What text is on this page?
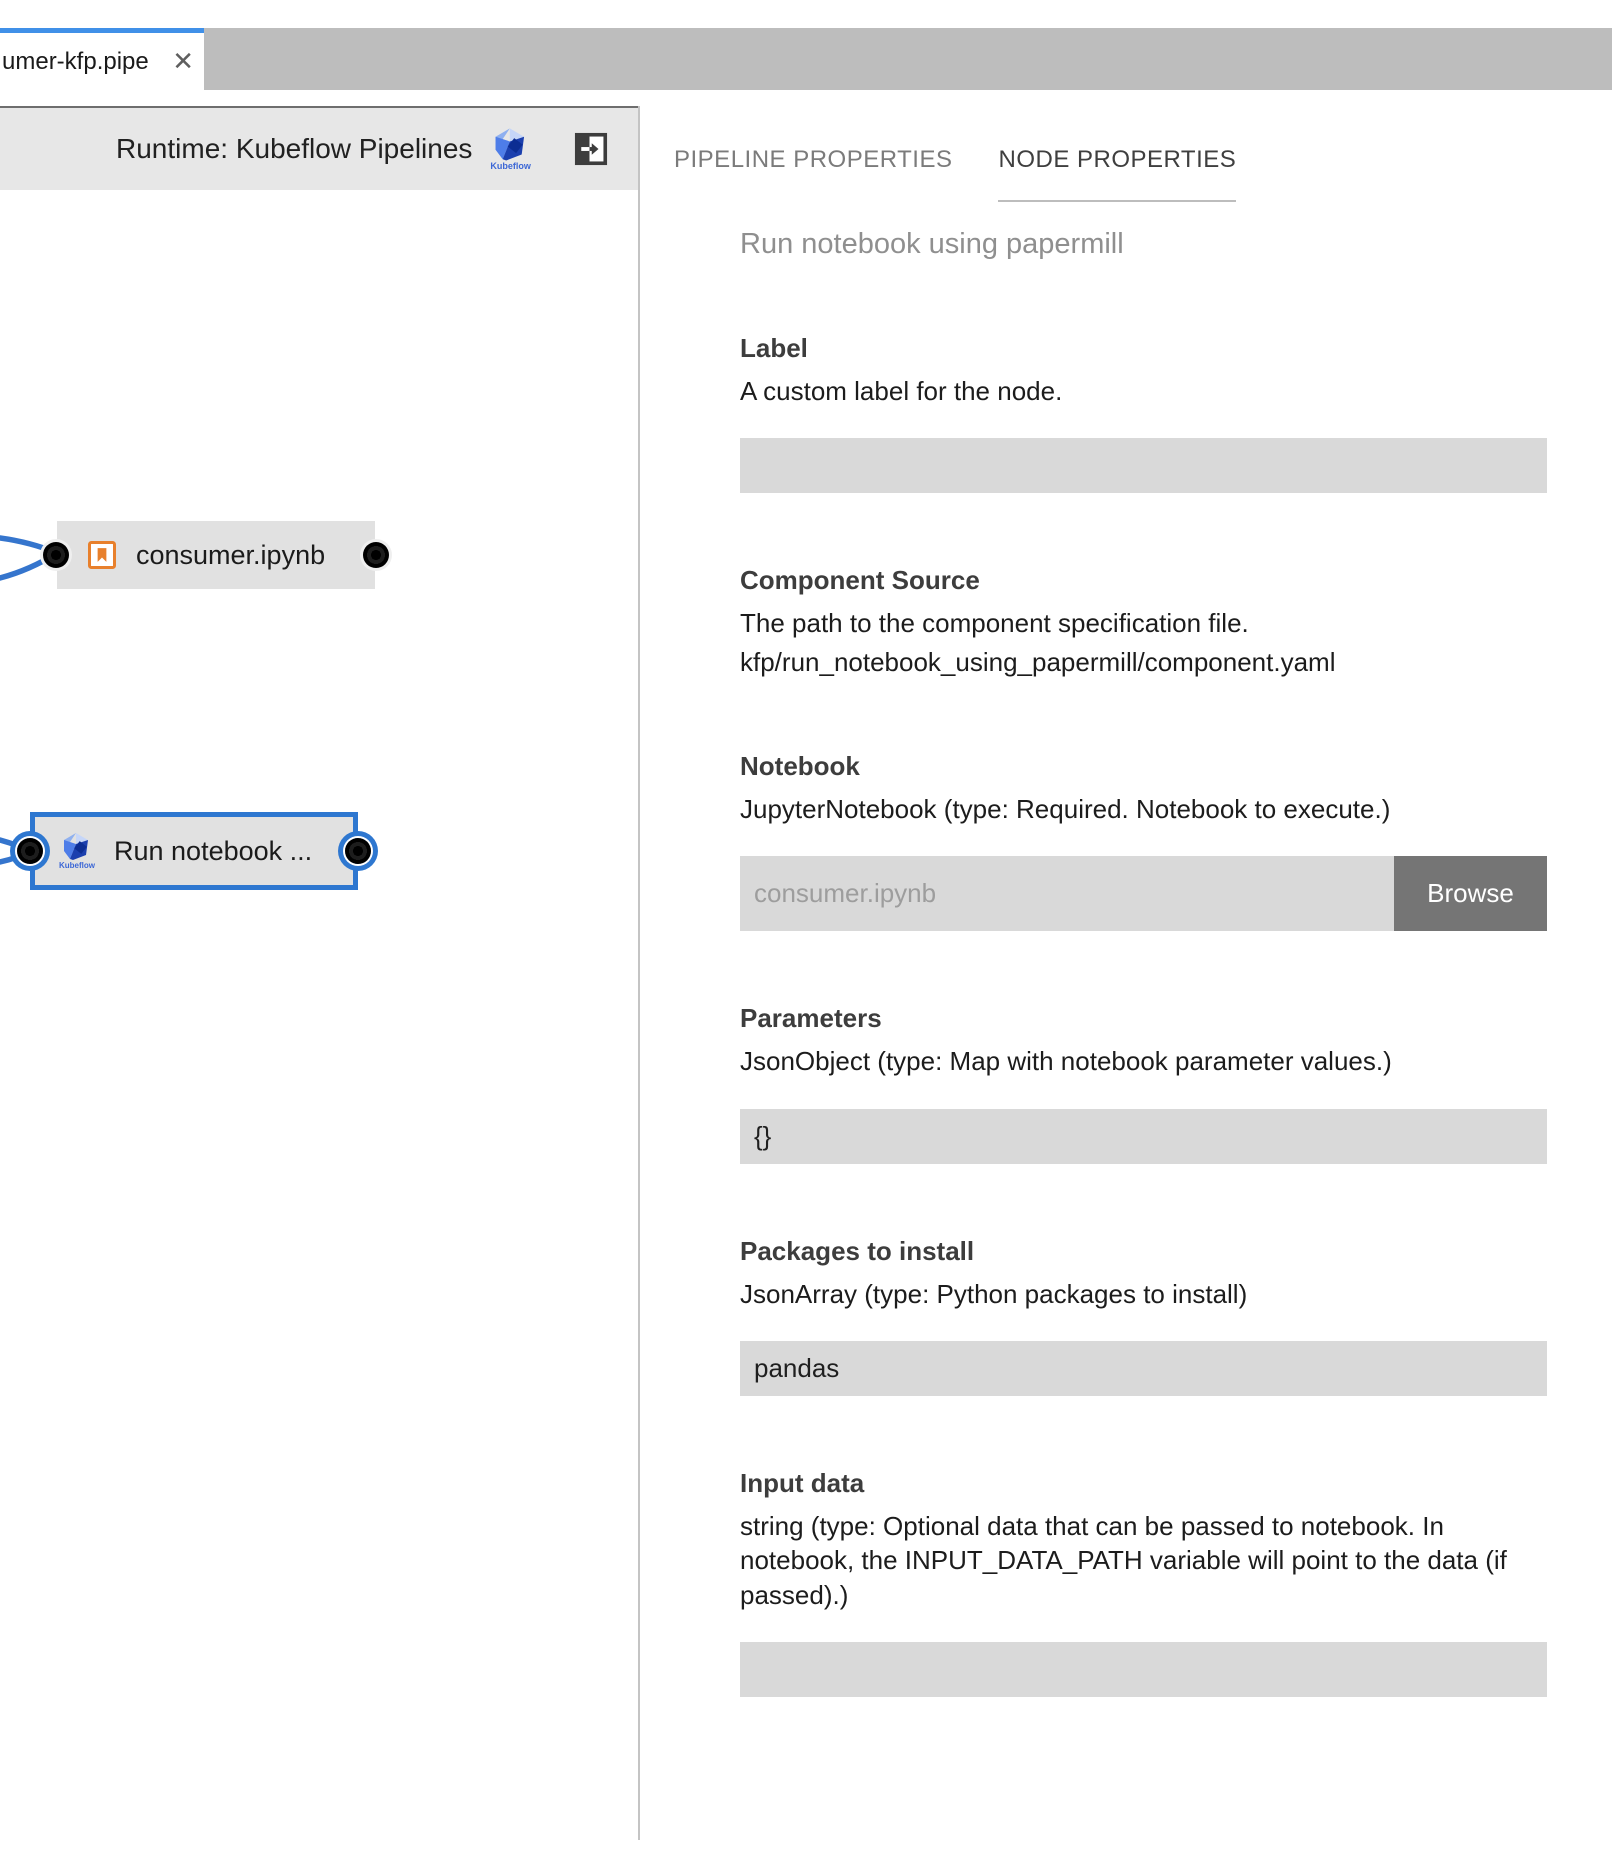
umer-kfp.pipe ✕
Runtime: Kubeflow Pipelines
Kubeflow
consumer.ipynb
Kubeflow Run notebook ...
PIPELINE PROPERTIES NODE PROPERTIES
Run notebook using papermill
Label
A custom label for the node.
Component Source
The path to the component specification file.
kfp/run_notebook_using_papermill/component.yaml
Notebook
JupyterNotebook (type: Required. Notebook to execute.)
consumer.ipynb
Browse
Parameters
JsonObject (type: Map with notebook parameter values.)
{}
Packages to install
JsonArray (type: Python packages to install)
pandas
Input data
string (type: Optional data that can be passed to notebook. In notebook, the INPUT_DATA_PATH variable will point to the data (if passed).)
